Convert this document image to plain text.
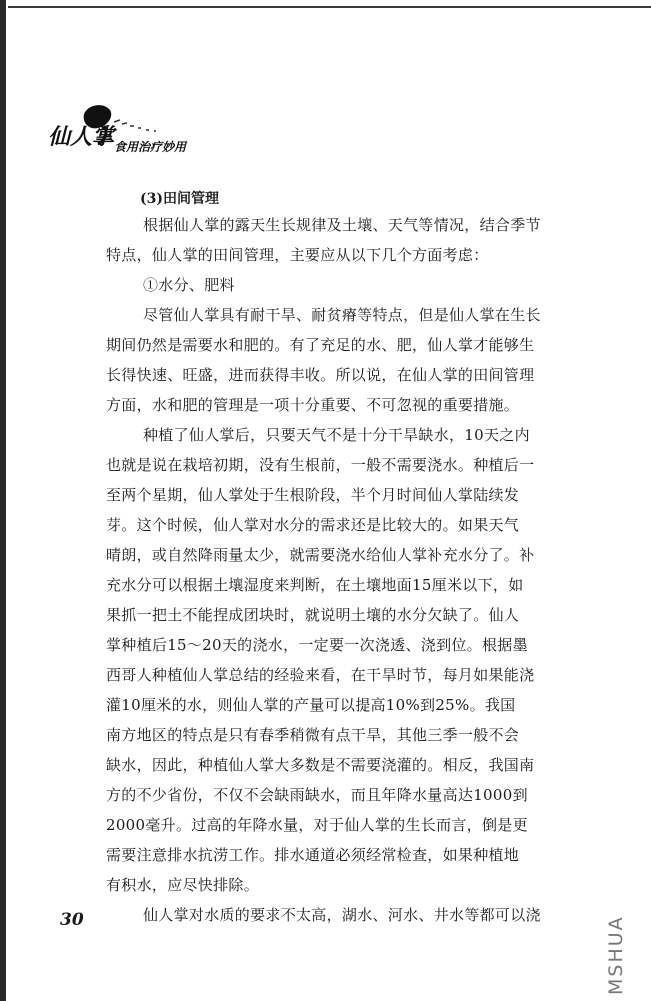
仙人掌 食用治疗妙用
(3)田间管理
根据仙人掌的露天生长规律及土壤、天气等情况，结合季节
特点，仙人掌的田间管理，主要应从以下几个方面考虑：
①水分、肥料
尽管仙人掌具有耐干旱、耐贫瘠等特点，但是仙人掌在生长
期间仍然是需要水和肥的。有了充足的水、肥，仙人掌才能够生
长得快速、旺盛，进而获得丰收。所以说，在仙人掌的田间管理
方面，水和肥的管理是一项十分重要、不可忽视的重要措施。
种植了仙人掌后，只要天气不是十分干旱缺水，10天之内
也就是说在栽培初期，没有生根前，一般不需要浇水。种植后一
至两个星期，仙人掌处于生根阶段，半个月时间仙人掌陆续发
芽。这个时候，仙人掌对水分的需求还是比较大的。如果天气
晴朗，或自然降雨量太少，就需要浇水给仙人掌补充水分了。补
充水分可以根据土壤湿度来判断，在土壤地面15厘米以下，如
果抓一把土不能捏成团块时，就说明土壤的水分欠缺了。仙人
掌种植后15～20天的浇水，一定要一次浇透、浇到位。根据墨
西哥人种植仙人掌总结的经验来看，在干旱时节，每月如果能浇
灌10厘米的水，则仙人掌的产量可以提高10%到25%。我国
南方地区的特点是只有春季稍微有点干旱，其他三季一般不会
缺水，因此，种植仙人掌大多数是不需要浇灌的。相反，我国南
方的不少省份，不仅不会缺雨缺水，而且年降水量高达1000到
2000毫升。过高的年降水量，对于仙人掌的生长而言，倒是更
需要注意排水抗涝工作。排水通道必须经常检查，如果种植地
有积水，应尽快排除。
仙人掌对水质的要求不太高，湖水、河水、井水等都可以浇
30	MSHUA
